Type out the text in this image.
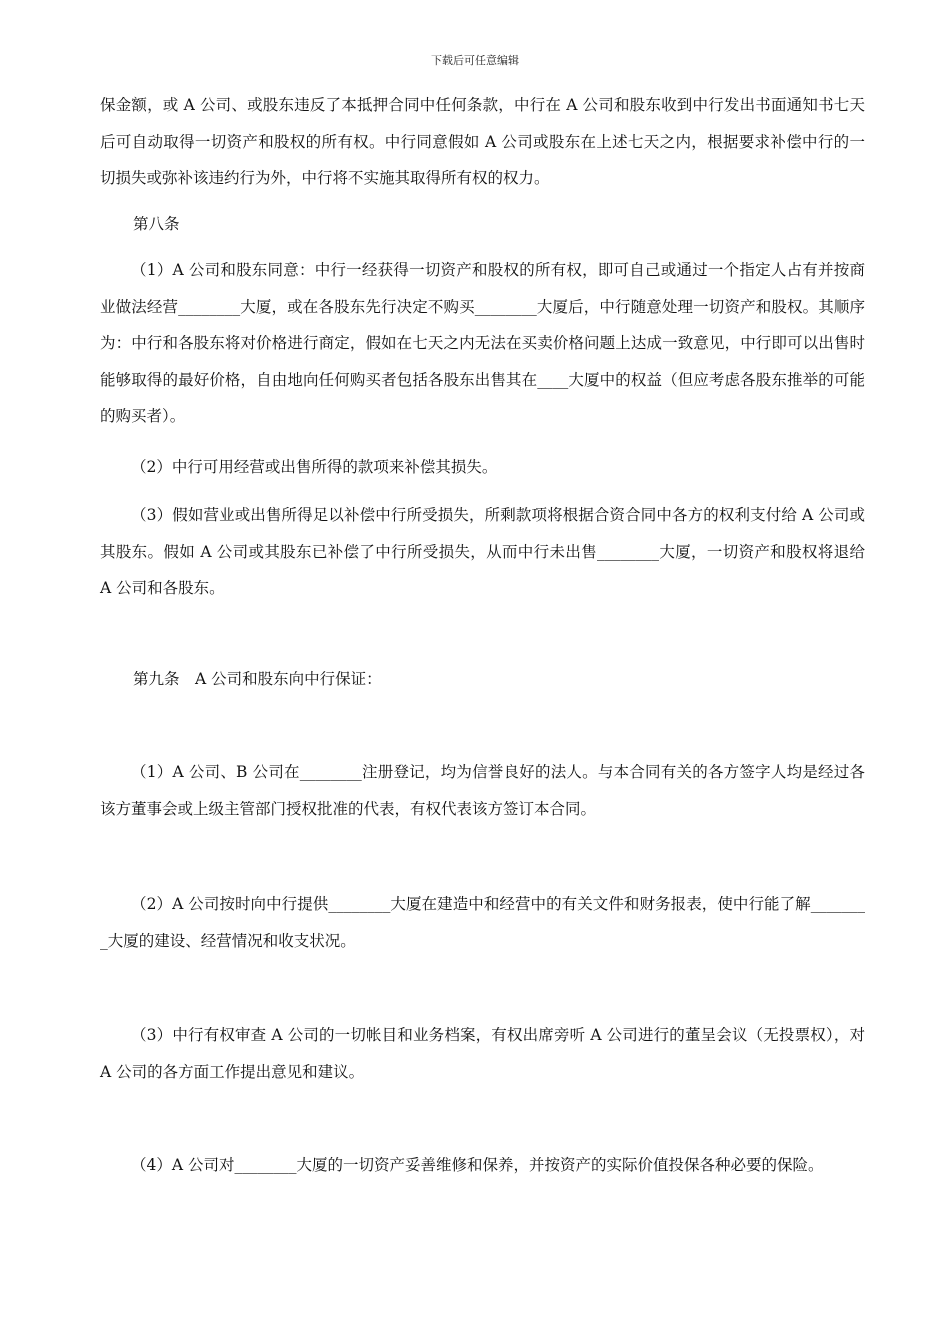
下载后可任意编辑

保金额，或 A 公司、或股东违反了本抵押合同中任何条款，中行在 A 公司和股东收到中行发出书面通知书七天后可自动取得一切资产和股权的所有权。中行同意假如 A 公司或股东在上述七天之内，根据要求补偿中行的一切损失或弥补该违约行为外，中行将不实施其取得所有权的权力。

第八条

（1）A 公司和股东同意：中行一经获得一切资产和股权的所有权，即可自己或通过一个指定人占有并按商业做法经营________大厦，或在各股东先行决定不购买________大厦后，中行随意处理一切资产和股权。其顺序为：中行和各股东将对价格进行商定，假如在七天之内无法在买卖价格问题上达成一致意见，中行即可以出售时能够取得的最好价格，自由地向任何购买者包括各股东出售其在____大厦中的权益（但应考虑各股东推举的可能的购买者）。

（2）中行可用经营或出售所得的款项来补偿其损失。

（3）假如营业或出售所得足以补偿中行所受损失，所剩款项将根据合资合同中各方的权利支付给 A 公司或其股东。假如 A 公司或其股东已补偿了中行所受损失，从而中行未出售________大厦，一切资产和股权将退给 A 公司和各股东。

第九条　A 公司和股东向中行保证：

（1）A 公司、B 公司在________注册登记，均为信誉良好的法人。与本合同有关的各方签字人均是经过各该方董事会或上级主管部门授权批准的代表，有权代表该方签订本合同。

（2）A 公司按时向中行提供________大厦在建造中和经营中的有关文件和财务报表，使中行能了解________大厦的建设、经营情况和收支状况。

（3）中行有权审查 A 公司的一切帐目和业务档案，有权出席旁听 A 公司进行的董呈会议（无投票权），对 A 公司的各方面工作提出意见和建议。

（4）A 公司对________大厦的一切资产妥善维修和保养，并按资产的实际价值投保各种必要的保险。
